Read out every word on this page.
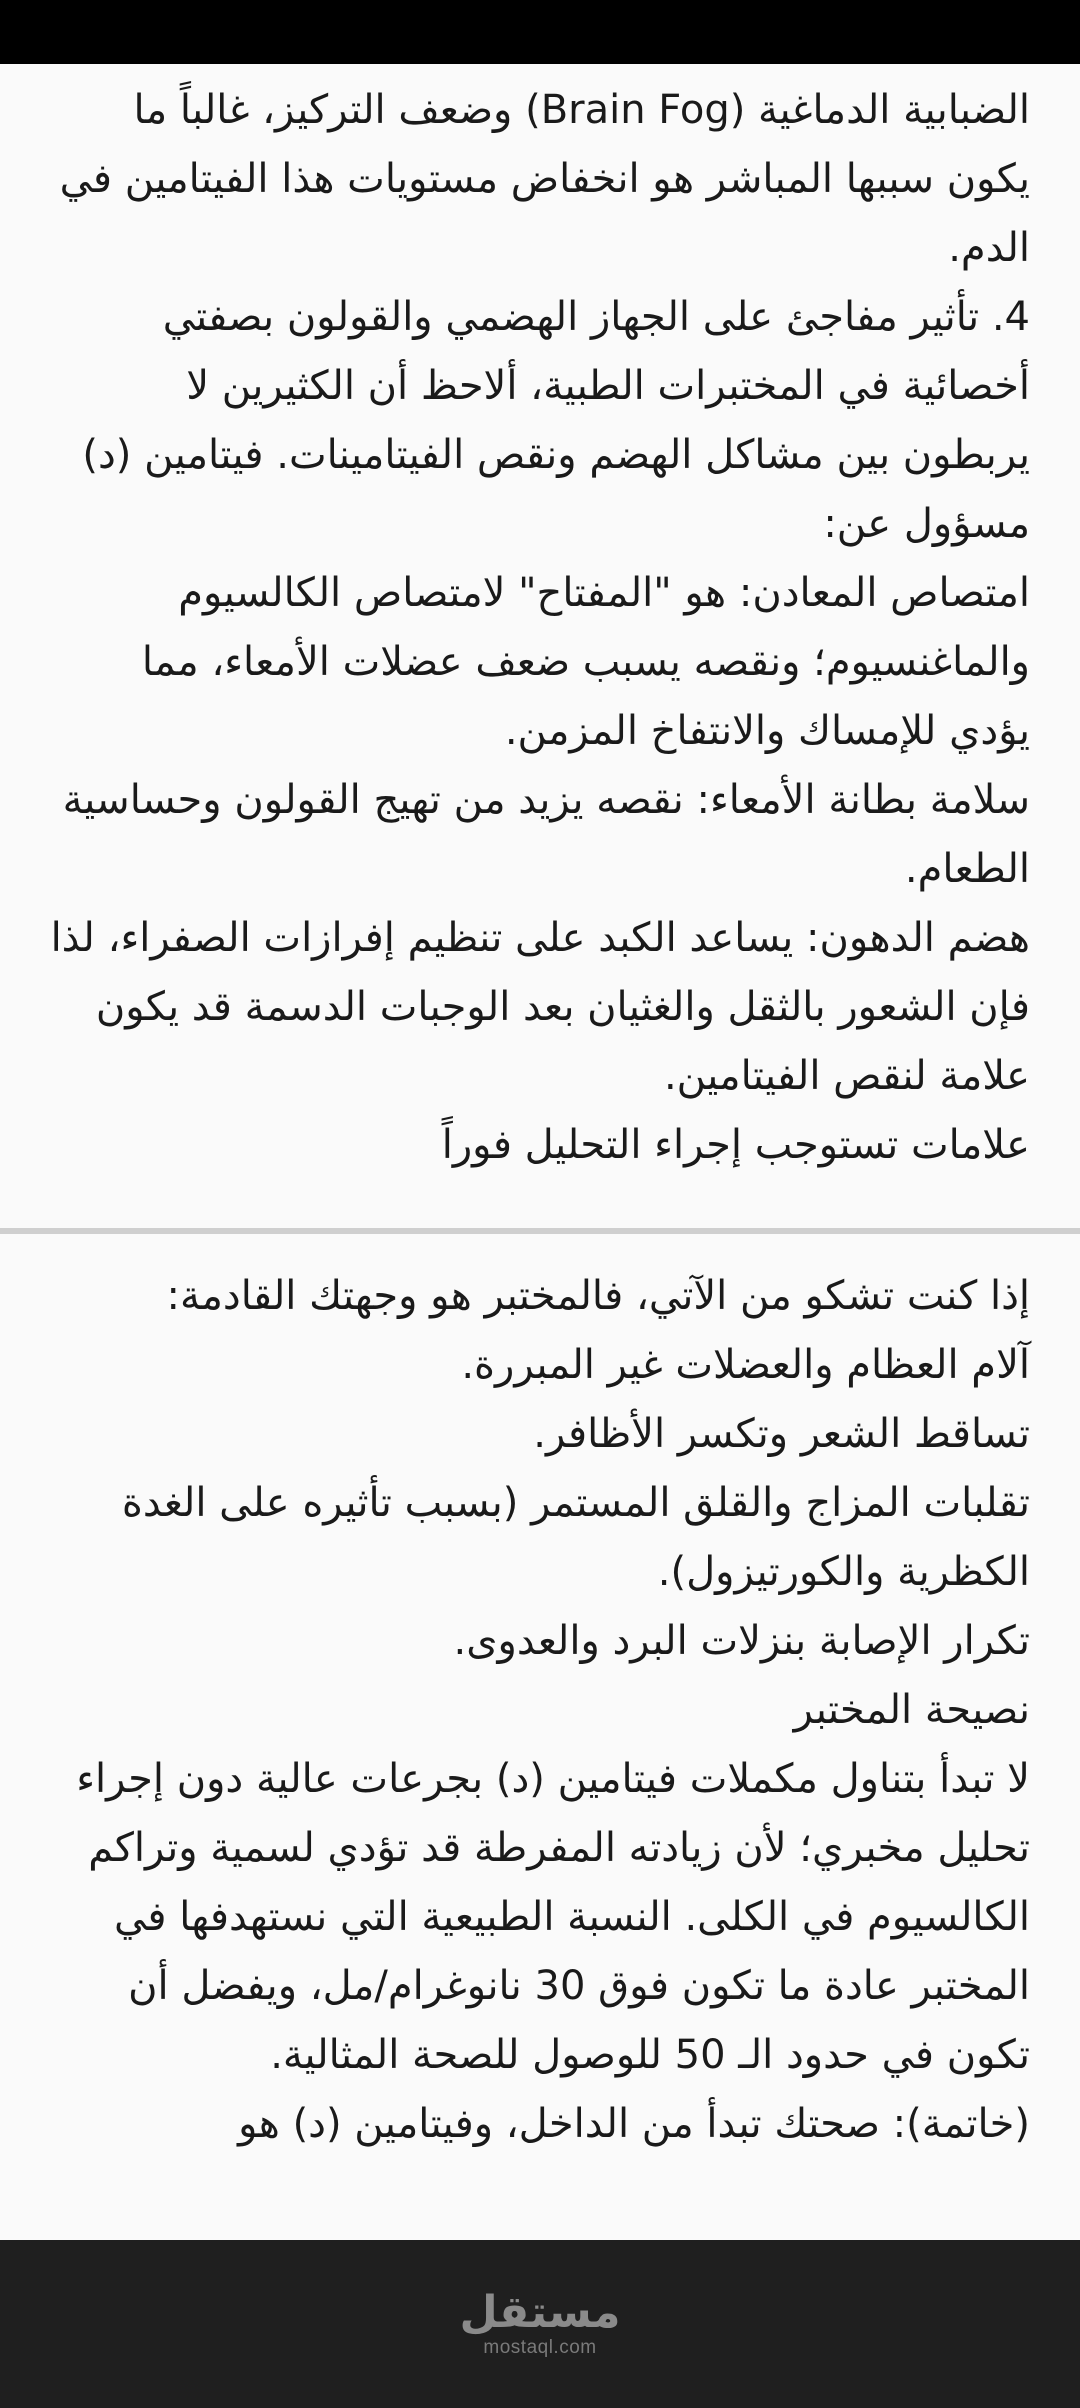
الضبابية الدماغية (Brain Fog) وضعف التركيز، غالباً ما يكون سببها المباشر هو انخفاض مستويات هذا الفيتامين في الدم.

4. تأثير مفاجئ على الجهاز الهضمي والقولون بصفتي أخصائية في المختبرات الطبية، ألاحظ أن الكثيرين لا يربطون بين مشاكل الهضم ونقص الفيتامينات. فيتامين (د) مسؤول عن:

امتصاص المعادن: هو "المفتاح" لامتصاص الكالسيوم والماغنسيوم؛ ونقصه يسبب ضعف عضلات الأمعاء، مما يؤدي للإمساك والانتفاخ المزمن.

سلامة بطانة الأمعاء: نقصه يزيد من تهيج القولون وحساسية الطعام.

هضم الدهون: يساعد الكبد على تنظيم إفرازات الصفراء، لذا فإن الشعور بالثقل والغثيان بعد الوجبات الدسمة قد يكون علامة لنقص الفيتامين.

علامات تستوجب إجراء التحليل فوراً

إذا كنت تشكو من الآتي، فالمختبر هو وجهتك القادمة:

آلام العظام والعضلات غير المبررة.

تساقط الشعر وتكسر الأظافر.

تقلبات المزاج والقلق المستمر (بسبب تأثيره على الغدة الكظرية والكورتيزول).

تكرار الإصابة بنزلات البرد والعدوى.

نصيحة المختبر

لا تبدأ بتناول مكملات فيتامين (د) بجرعات عالية دون إجراء تحليل مخبري؛ لأن زيادته المفرطة قد تؤدي لسمية وتراكم الكالسيوم في الكلى. النسبة الطبيعية التي نستهدفها في المختبر عادة ما تكون فوق 30 نانوغرام/مل، ويفضل أن تكون في حدود الـ 50 للوصول للصحة المثالية.

(خاتمة): صحتك تبدأ من الداخل، وفيتامين (د) هو

مستقل
mostaql.com
